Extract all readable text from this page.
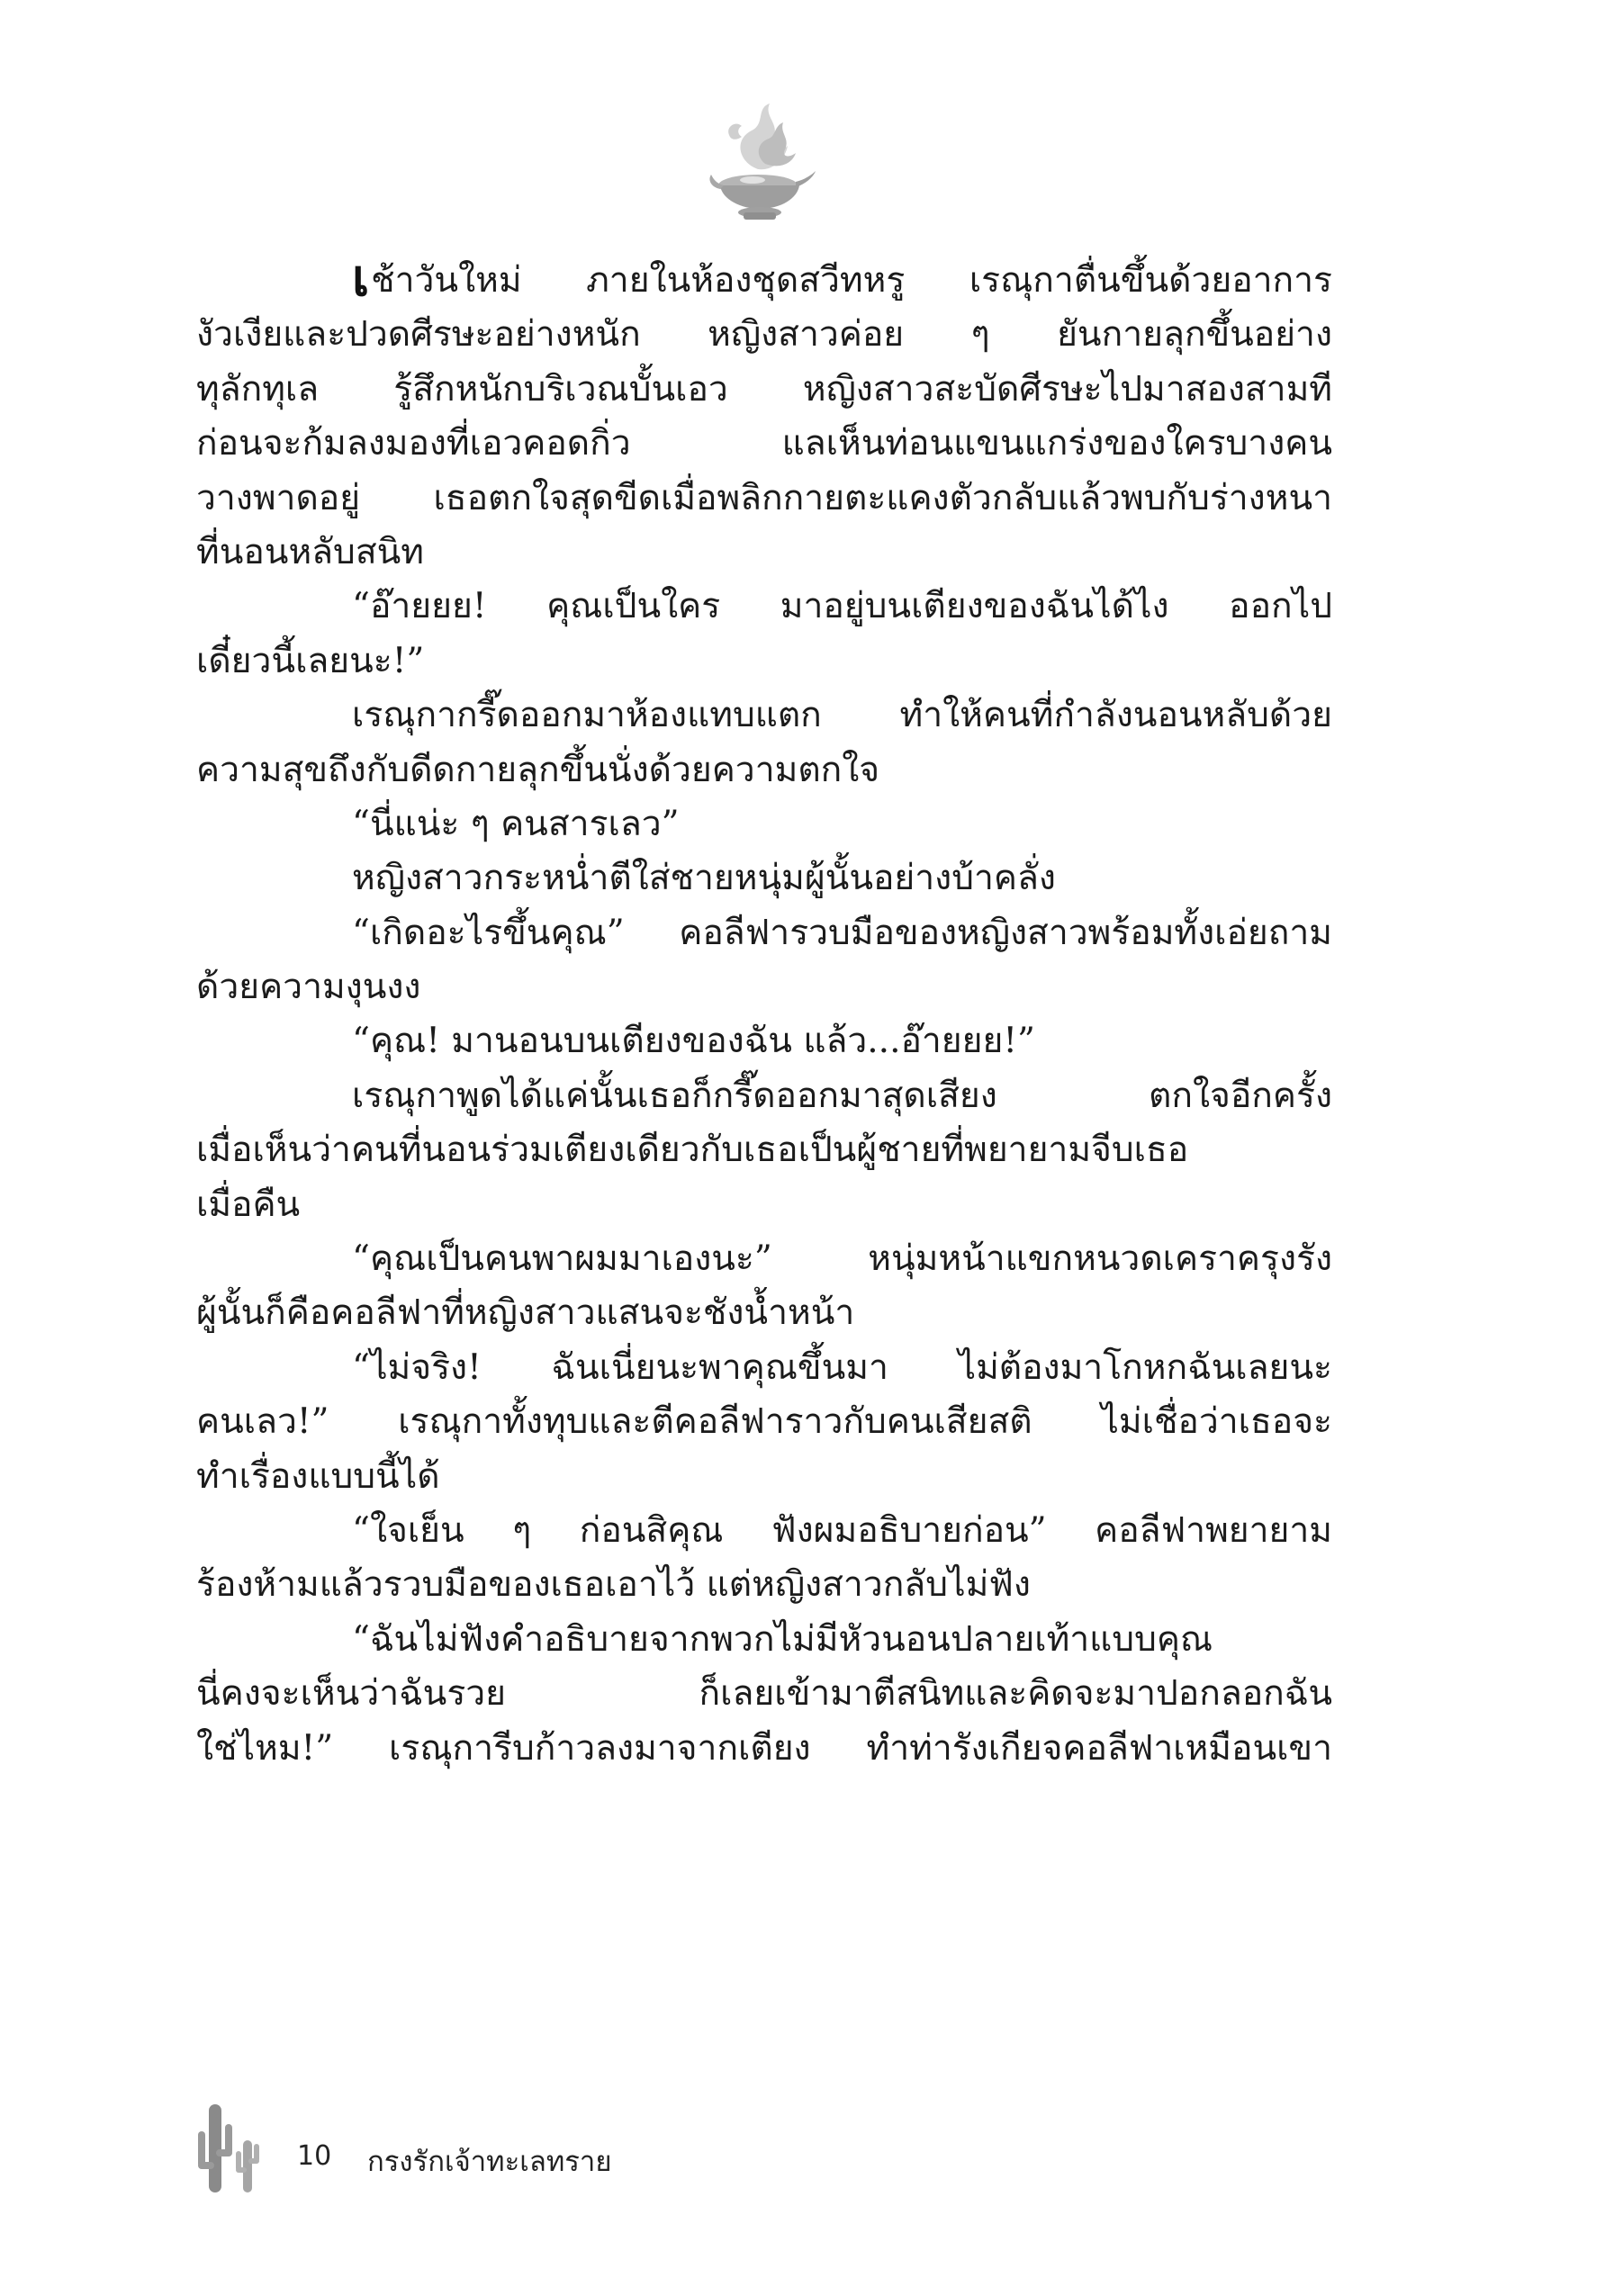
เช้าวันใหม่ ภายในห้องชุดสวีทหรู เรณุกาตื่นขึ้นด้วยอาการ
งัวเงียและปวดศีรษะอย่างหนัก หญิงสาวค่อย ๆ ยันกายลุกขึ้นอย่าง
ทุลักทุเล รู้สึกหนักบริเวณบั้นเอว หญิงสาวสะบัดศีรษะไปมาสองสามที
ก่อนจะก้มลงมองที่เอวคอดกิ่ว แลเห็นท่อนแขนแกร่งของใครบางคน
วางพาดอยู่ เธอตกใจสุดขีดเมื่อพลิกกายตะแคงตัวกลับแล้วพบกับร่างหนา
ที่นอนหลับสนิท
“อ๊ายยย! คุณเป็นใคร มาอยู่บนเตียงของฉันได้ไง ออกไป
เดี๋ยวนี้เลยนะ!”
เรณุกากรี๊ดออกมาห้องแทบแตก ทำให้คนที่กำลังนอนหลับด้วย
ความสุขถึงกับดีดกายลุกขึ้นนั่งด้วยความตกใจ
“นี่แน่ะ ๆ คนสารเลว”
หญิงสาวกระหน่ำตีใส่ชายหนุ่มผู้นั้นอย่างบ้าคลั่ง
“เกิดอะไรขึ้นคุณ” คอลีฟารวบมือของหญิงสาวพร้อมทั้งเอ่ยถาม
ด้วยความงุนงง
“คุณ! มานอนบนเตียงของฉัน แล้ว...อ๊ายยย!”
เรณุกาพูดได้แค่นั้นเธอก็กรี๊ดออกมาสุดเสียง ตกใจอีกครั้ง
เมื่อเห็นว่าคนที่นอนร่วมเตียงเดียวกับเธอเป็นผู้ชายที่พยายามจีบเธอ
เมื่อคืน
“คุณเป็นคนพาผมมาเองนะ” หนุ่มหน้าแขกหนวดเคราครุงรัง
ผู้นั้นก็คือคอลีฟาที่หญิงสาวแสนจะชังน้ำหน้า
“ไม่จริง! ฉันเนี่ยนะพาคุณขึ้นมา ไม่ต้องมาโกหกฉันเลยนะ
คนเลว!” เรณุกาทั้งทุบและตีคอลีฟาราวกับคนเสียสติ ไม่เชื่อว่าเธอจะ
ทำเรื่องแบบนี้ได้
“ใจเย็น ๆ ก่อนสิคุณ ฟังผมอธิบายก่อน” คอลีฟาพยายาม
ร้องห้ามแล้วรวบมือของเธอเอาไว้ แต่หญิงสาวกลับไม่ฟัง
“ฉันไม่ฟังคำอธิบายจากพวกไม่มีหัวนอนปลายเท้าแบบคุณ
นี่คงจะเห็นว่าฉันรวย ก็เลยเข้ามาตีสนิทและคิดจะมาปอกลอกฉัน
ใช่ไหม!” เรณุการีบก้าวลงมาจากเตียง ทำท่ารังเกียจคอลีฟาเหมือนเขา
10 กรงรักเจ้าทะเลทราย
